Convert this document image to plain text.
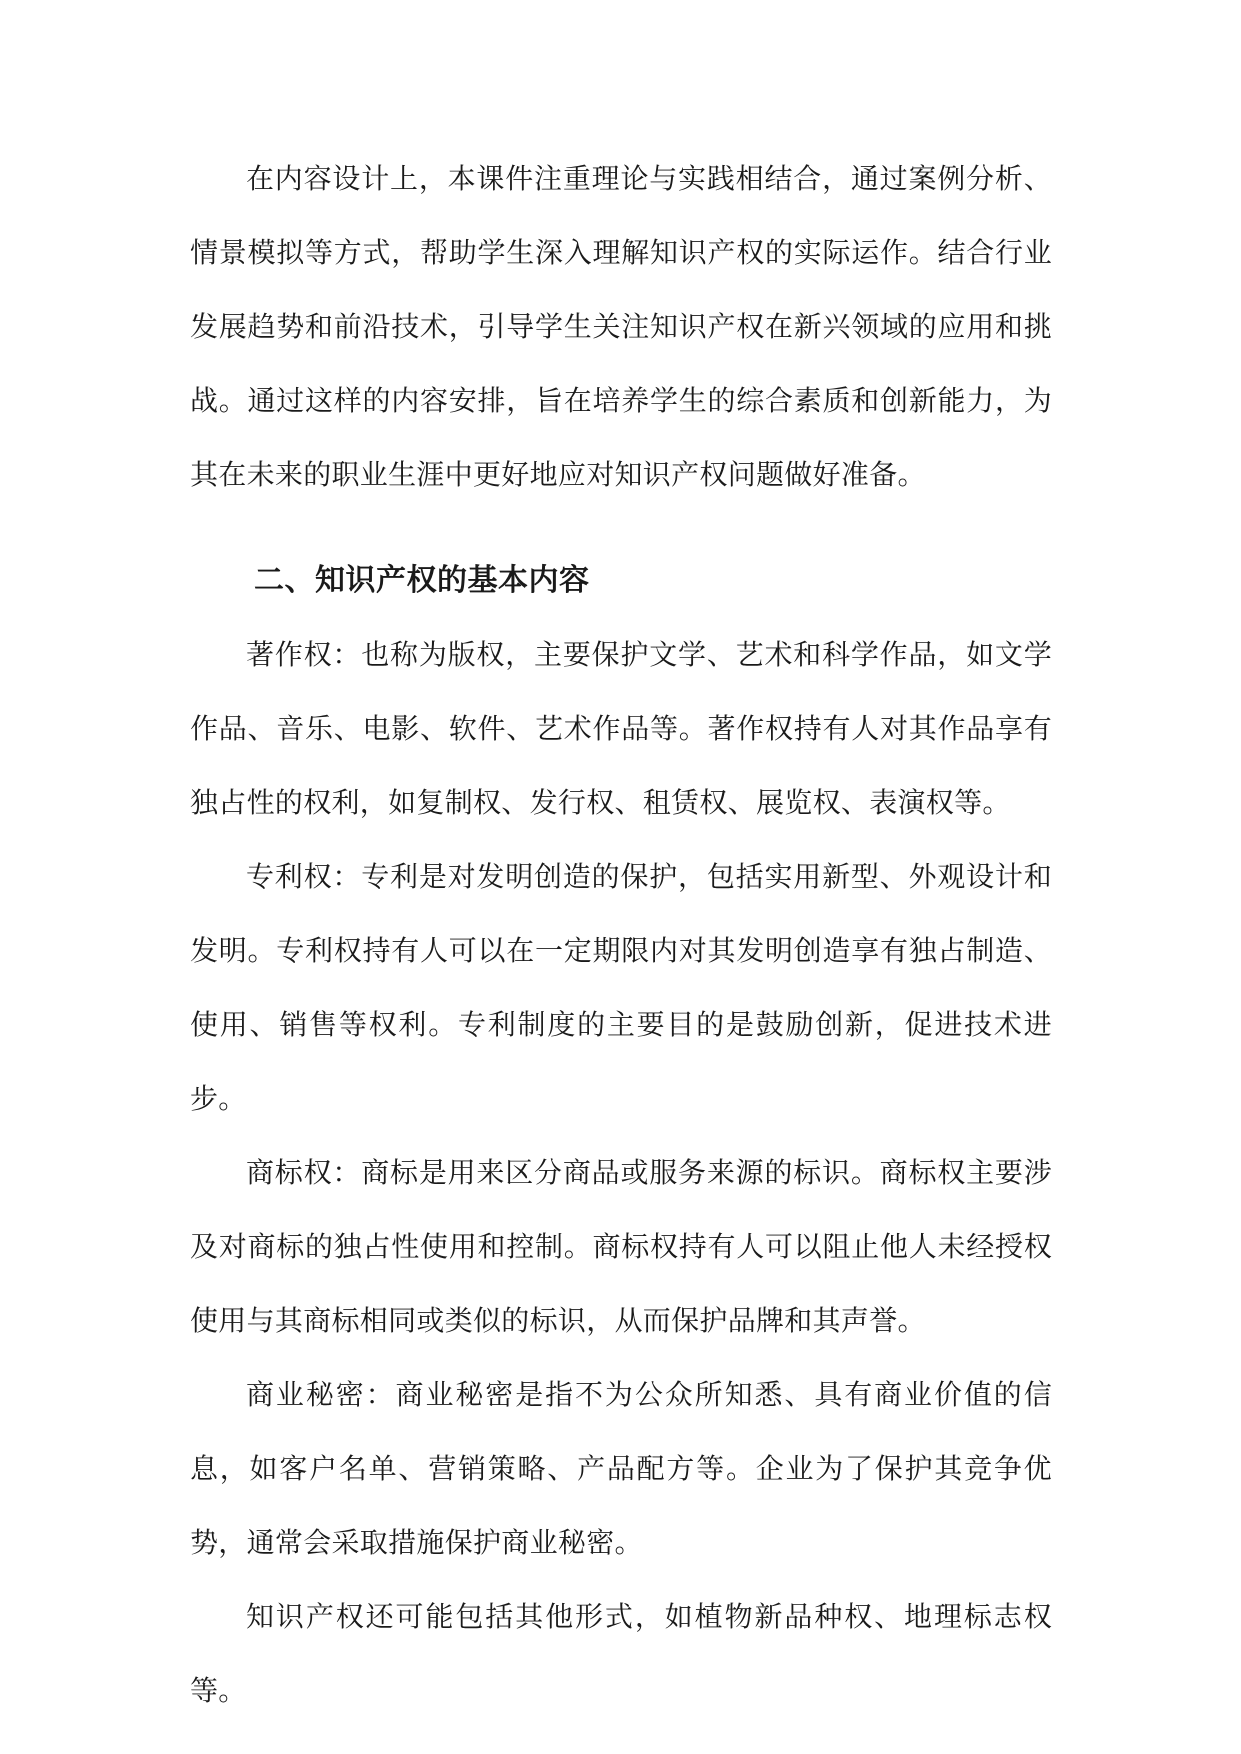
在内容设计上，本课件注重理论与实践相结合，通过案例分析、情景模拟等方式，帮助学生深入理解知识产权的实际运作。结合行业发展趋势和前沿技术，引导学生关注知识产权在新兴领域的应用和挑战。通过这样的内容安排，旨在培养学生的综合素质和创新能力，为其在未来的职业生涯中更好地应对知识产权问题做好准备。

二、知识产权的基本内容

著作权：也称为版权，主要保护文学、艺术和科学作品，如文学作品、音乐、电影、软件、艺术作品等。著作权持有人对其作品享有独占性的权利，如复制权、发行权、租赁权、展览权、表演权等。

专利权：专利是对发明创造的保护，包括实用新型、外观设计和发明。专利权持有人可以在一定期限内对其发明创造享有独占制造、使用、销售等权利。专利制度的主要目的是鼓励创新，促进技术进步。

商标权：商标是用来区分商品或服务来源的标识。商标权主要涉及对商标的独占性使用和控制。商标权持有人可以阻止他人未经授权使用与其商标相同或类似的标识，从而保护品牌和其声誉。

商业秘密：商业秘密是指不为公众所知悉、具有商业价值的信息，如客户名单、营销策略、产品配方等。企业为了保护其竞争优势，通常会采取措施保护商业秘密。

知识产权还可能包括其他形式，如植物新品种权、地理标志权等。
